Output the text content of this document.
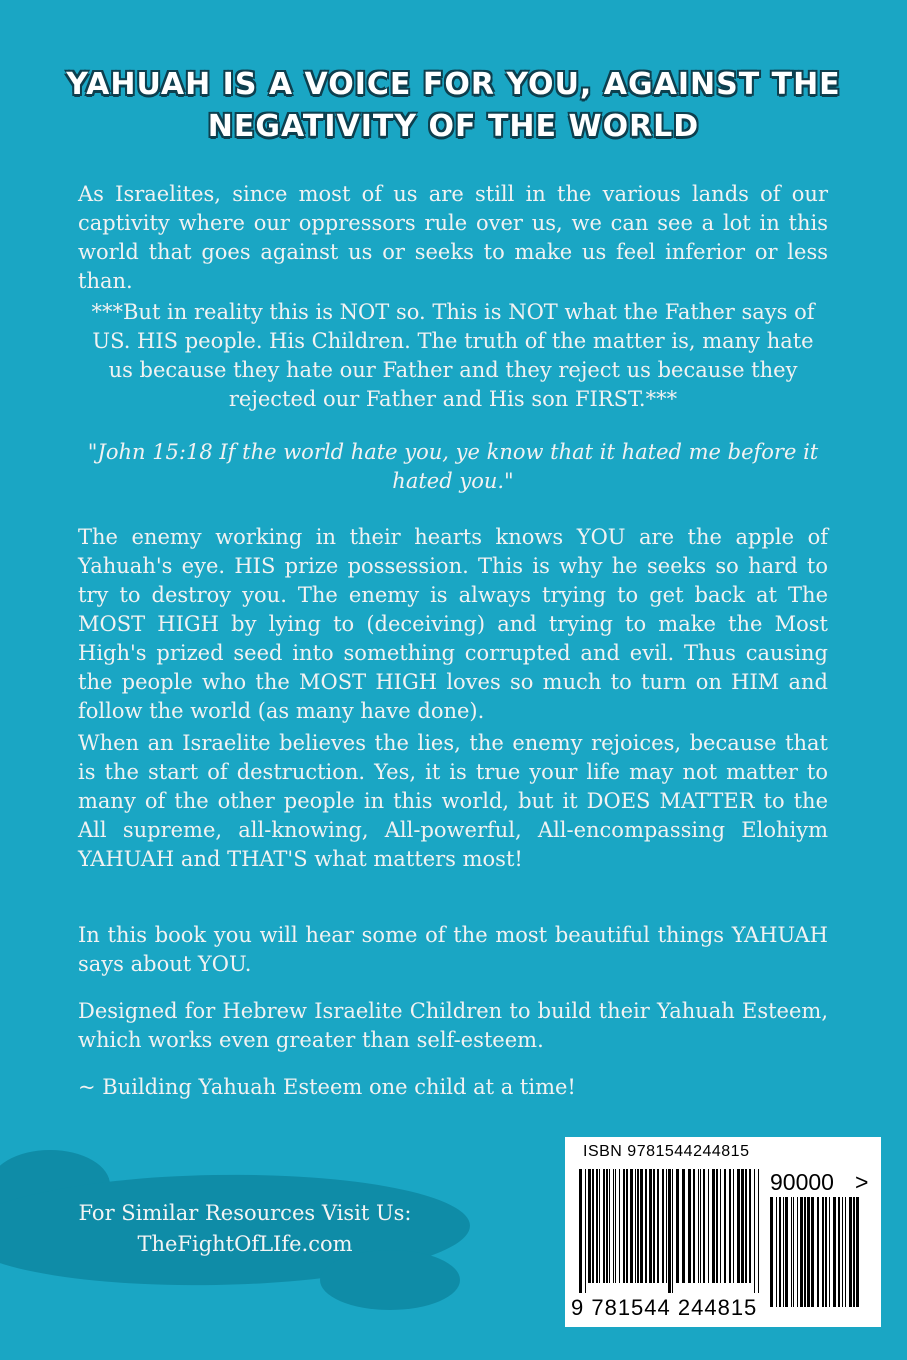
YAHUAH IS A VOICE FOR YOU, AGAINST THE NEGATIVITY OF THE WORLD
As Israelites, since most of us are still in the various lands of our captivity where our oppressors rule over us, we can see a lot in this world that goes against us or seeks to make us feel inferior or less than.
***But in reality this is NOT so. This is NOT what the Father says of US. HIS people. His Children. The truth of the matter is, many hate us because they hate our Father and they reject us because they rejected our Father and His son FIRST.***
"John 15:18 If the world hate you, ye know that it hated me before it hated you."
The enemy working in their hearts knows YOU are the apple of Yahuah's eye. HIS prize possession. This is why he seeks so hard to try to destroy you. The enemy is always trying to get back at The MOST HIGH by lying to (deceiving) and trying to make the Most High's prized seed into something corrupted and evil. Thus causing the people who the MOST HIGH loves so much to turn on HIM and follow the world (as many have done).
When an Israelite believes the lies, the enemy rejoices, because that is the start of destruction. Yes, it is true your life may not matter to many of the other people in this world, but it DOES MATTER to the All supreme, all-knowing, All-powerful, All-encompassing Elohiym YAHUAH and THAT'S what matters most!
In this book you will hear some of the most beautiful things YAHUAH says about YOU.
Designed for Hebrew Israelite Children to build their Yahuah Esteem, which works even greater than self-esteem.
~ Building Yahuah Esteem one child at a time!
For Similar Resources Visit Us:
TheFightOfLIfe.com
ISBN 9781544244815
90000 >
9 781544 244815
